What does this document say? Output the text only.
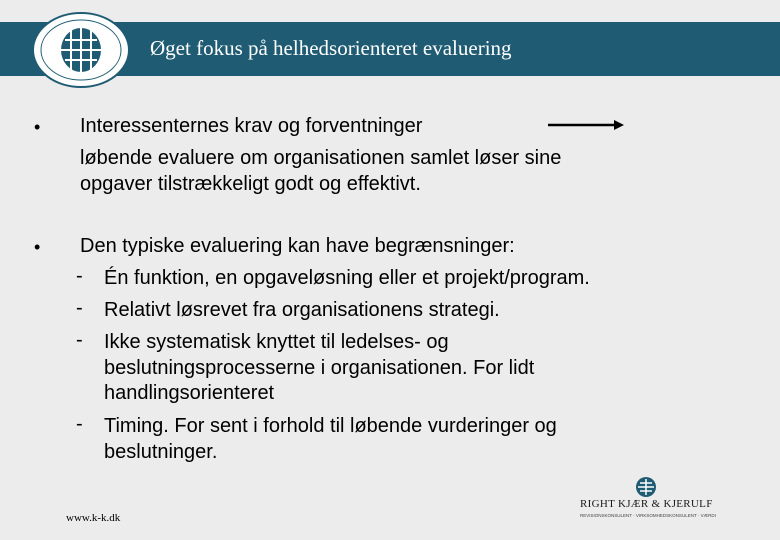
Øget fokus på helhedsorienteret evaluering
• Interessenternes krav og forventninger
løbende evaluere om organisationen samlet løser sine
opgaver tilstrækkeligt godt og effektivt.
• Den typiske evaluering kan have begrænsninger:
- Én funktion, en opgaveløsning eller et projekt/program.
- Relativt løsrevet fra organisationens strategi.
- Ikke systematisk knyttet til ledelses- og
beslutningsprocesserne i organisationen. For lidt
handlingsorienteret
- Timing. For sent i forhold til løbende vurderinger og
beslutninger.
www.k-k.dk
RIGHT KJÆR & KJERULF
REVISIONSKONSULENT · VIRKSOMHEDSKONSULENT · VÆRDI
